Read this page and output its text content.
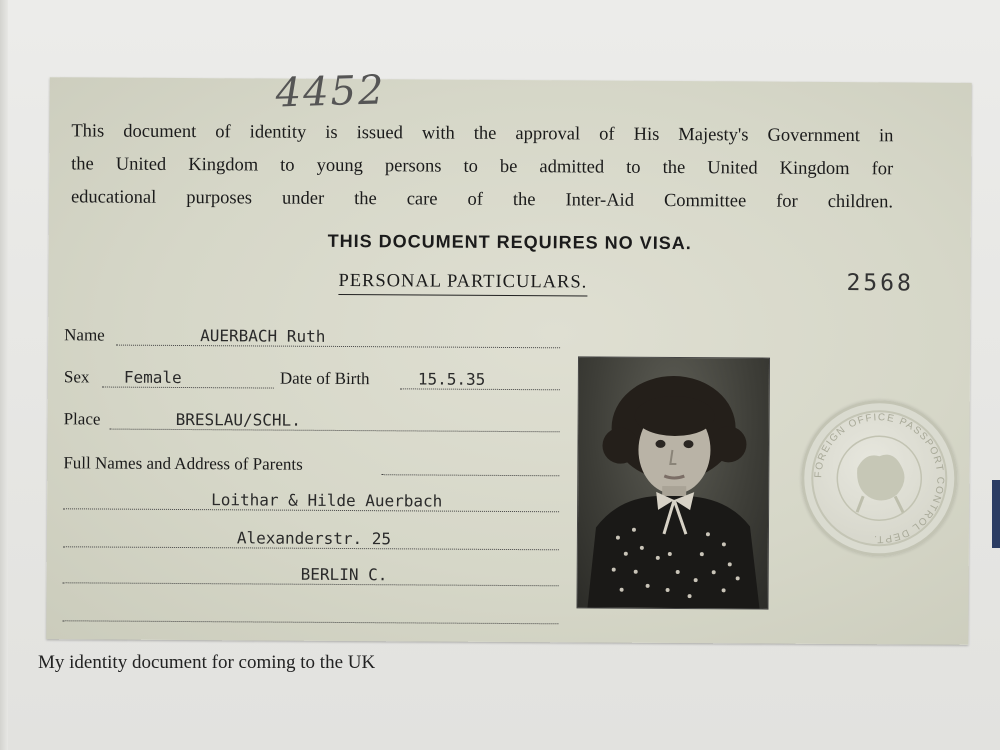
4452
This document of identity is issued with the approval of His Majesty's Government in
the United Kingdom to young persons to be admitted to the United Kingdom for
educational purposes under the care of the Inter-Aid Committee for children.
THIS DOCUMENT REQUIRES NO VISA.
PERSONAL PARTICULARS.	2568
Name	AUERBACH Ruth
Sex Female	Date of Birth	15.5.35
Place	BRESLAU/SCHL.
Full Names and Address of Parents
Loithar & Hilde Auerbach
Alexanderstr. 25
BERLIN C.
FOREIGN OFFICE PASSPORT CONTROL DEPT.
My identity document for coming to the UK
